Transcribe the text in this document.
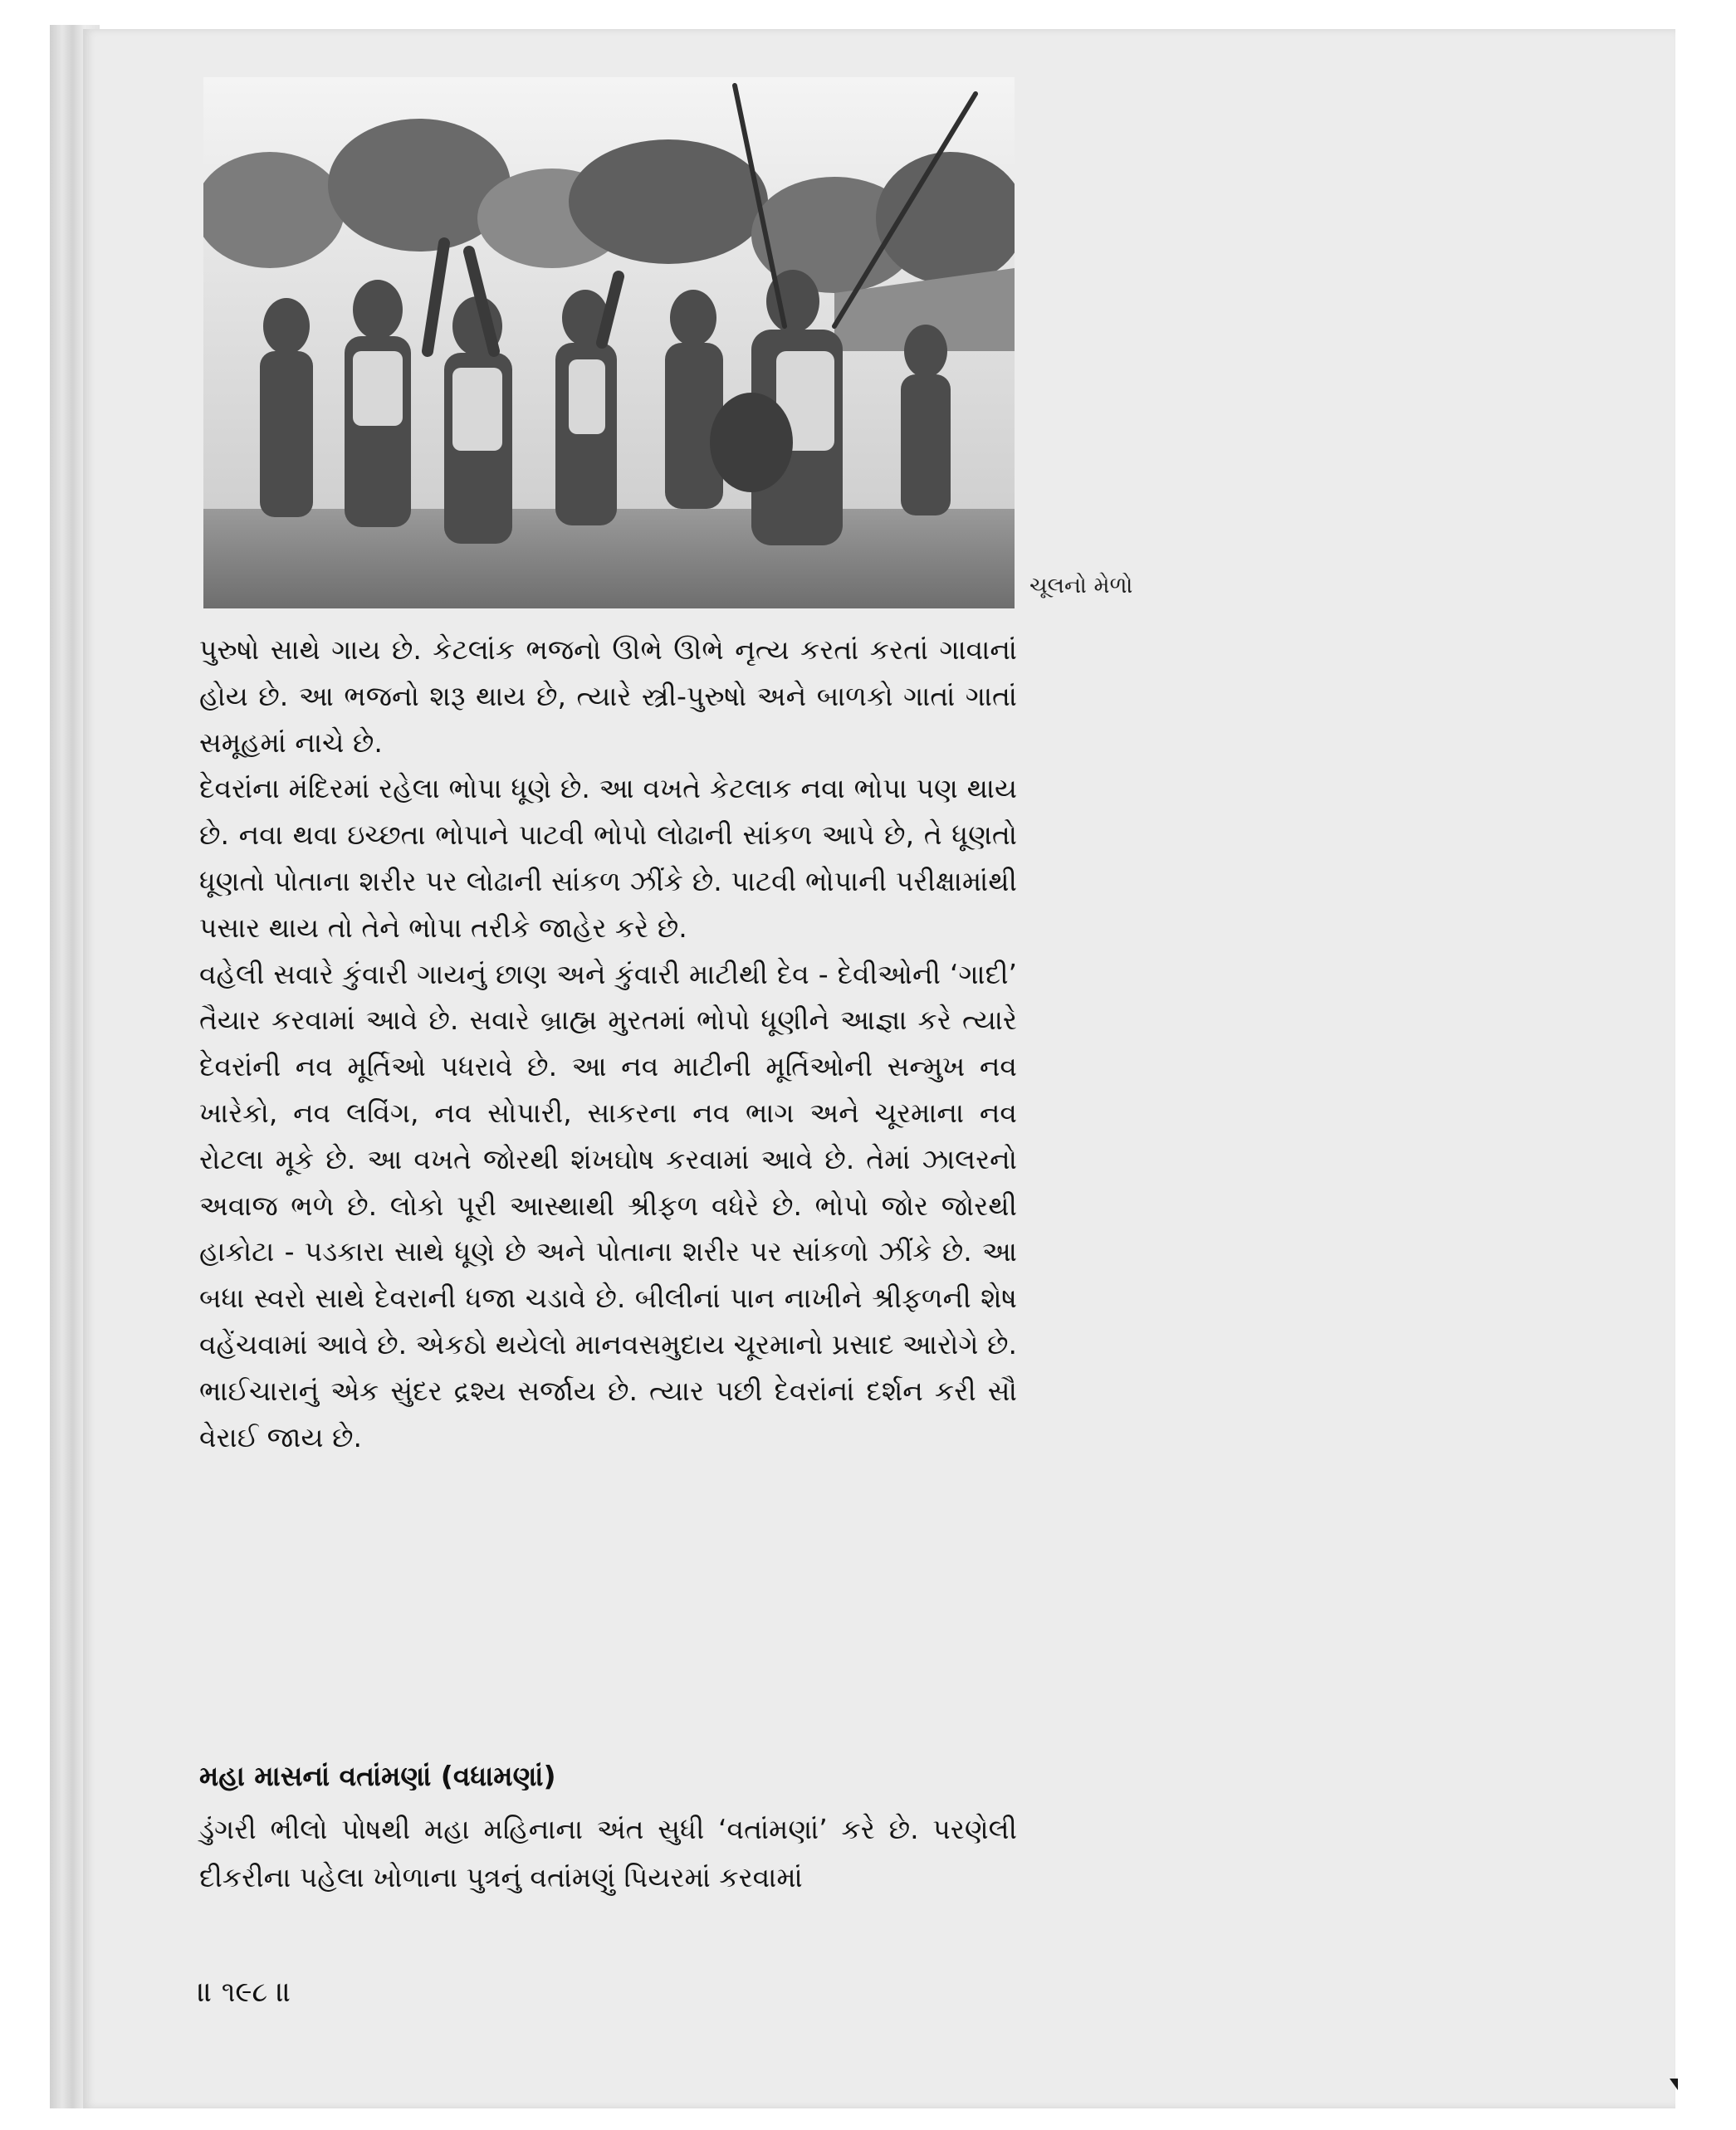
ચૂલનો મેળો

પુરુષો સાથે ગાય છે. કેટલાંક ભજનો ઊભે ઊભે નૃત્ય કરતાં કરતાં ગાવાનાં હોય છે. આ ભજનો શરૂ થાય છે, ત્યારે સ્ત્રી-પુરુષો અને બાળકો ગાતાં ગાતાં સમૂહમાં નાચે છે.

દેવરાંના મંદિરમાં રહેલા ભોપા ધૂણે છે. આ વખતે કેટલાક નવા ભોપા પણ થાય છે. નવા થવા ઇચ્છતા ભોપાને પાટવી ભોપો લોઢાની સાંકળ આપે છે, તે ધૂણતો ધૂણતો પોતાના શરીર પર લોઢાની સાંકળ ઝીંકે છે. પાટવી ભોપાની પરીક્ષામાંથી પસાર થાય તો તેને ભોપા તરીકે જાહેર કરે છે.

વહેલી સવારે કુંવારી ગાયનું છાણ અને કુંવારી માટીથી દેવ - દેવીઓની ‘ગાદી’ તૈયાર કરવામાં આવે છે. સવારે બ્રાહ્મ મુરતમાં ભોપો ધૂણીને આજ્ઞા કરે ત્યારે દેવરાંની નવ મૂર્તિઓ પધરાવે છે. આ નવ માટીની મૂર્તિઓની સન્મુખ નવ ખારેકો, નવ લવિંગ, નવ સોપારી, સાકરના નવ ભાગ અને ચૂરમાના નવ રોટલા મૂકે છે. આ વખતે જોરથી શંખઘોષ કરવામાં આવે છે. તેમાં ઝાલરનો અવાજ ભળે છે. લોકો પૂરી આસ્થાથી શ્રીફળ વધેરે છે. ભોપો જોર જોરથી હાકોટા - પડકારા સાથે ધૂણે છે અને પોતાના શરીર પર સાંકળો ઝીંકે છે. આ બધા સ્વરો સાથે દેવરાની ધજા ચડાવે છે. બીલીનાં પાન નાખીને શ્રીફળની શેષ વહેંચવામાં આવે છે. એકઠો થયેલો માનવસમુદાય ચૂરમાનો પ્રસાદ આરોગે છે. ભાઈચારાનું એક સુંદર દ્રશ્ય સર્જાય છે. ત્યાર પછી દેવરાંનાં દર્શન કરી સૌ વેરાઈ જાય છે.

મહા માસનાં વતાંમણાં (વધામણાં)

ડુંગરી ભીલો પોષથી મહા મહિનાના અંત સુધી ‘વતાંમણાં’ કરે છે. પરણેલી દીકરીના પહેલા ખોળાના પુત્રનું વતાંમણું પિયરમાં કરવામાં

॥ ૧૯૮ ॥
